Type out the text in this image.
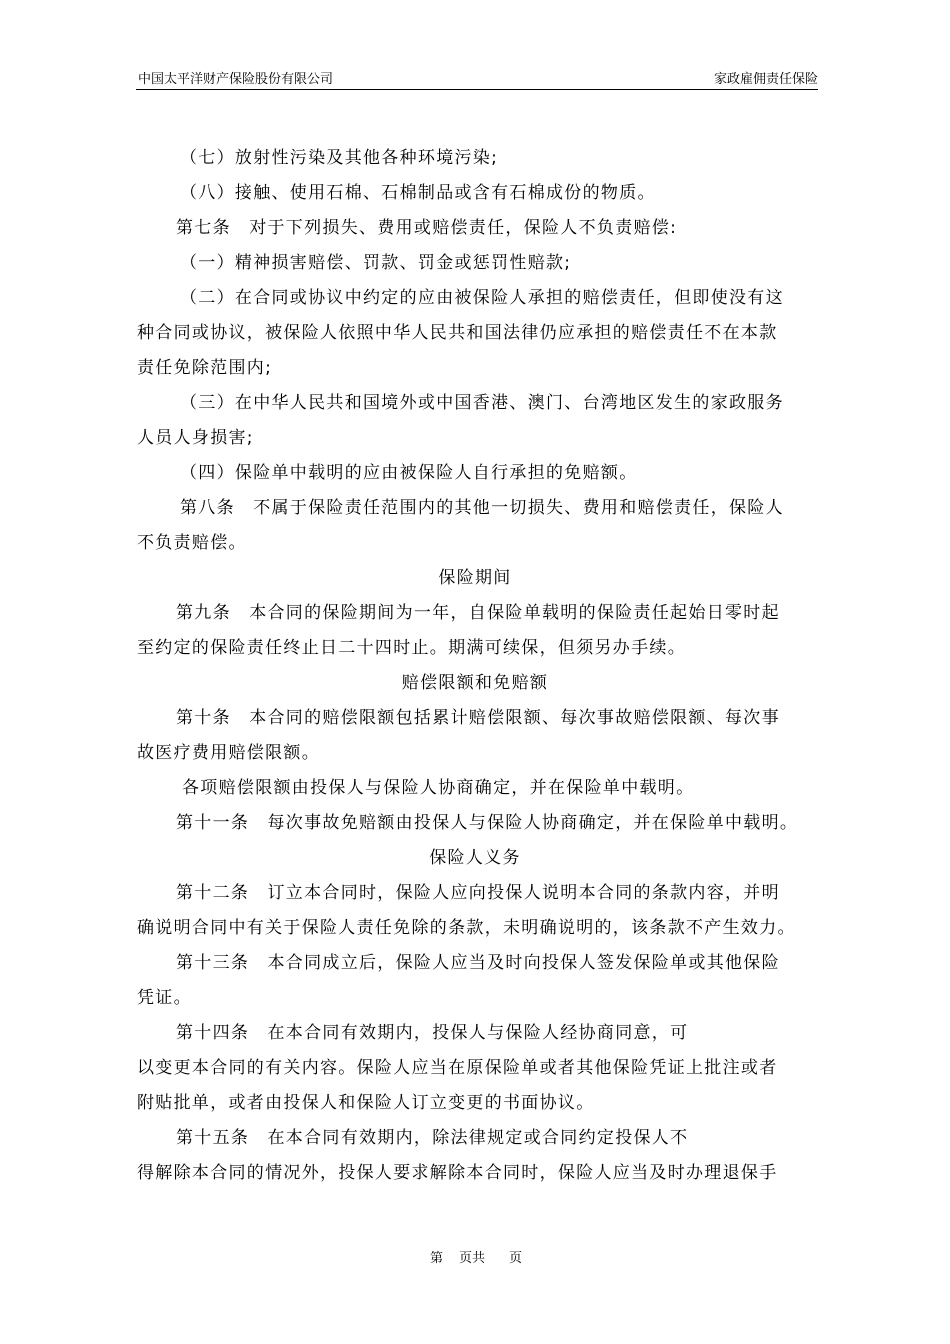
中国太平洋财产保险股份有限公司	家政雇佣责任保险
（七）放射性污染及其他各种环境污染;
（八）接触、使用石棉、石棉制品或含有石棉成份的物质。
第七条　对于下列损失、费用或赔偿责任，保险人不负责赔偿:
（一）精神损害赔偿、罚款、罚金或惩罚性赔款;
（二）在合同或协议中约定的应由被保险人承担的赔偿责任，但即使没有这
种合同或协议，被保险人依照中华人民共和国法律仍应承担的赔偿责任不在本款
责任免除范围内;
（三）在中华人民共和国境外或中国香港、澳门、台湾地区发生的家政服务
人员人身损害;
（四）保险单中载明的应由被保险人自行承担的免赔额。
第八条　不属于保险责任范围内的其他一切损失、费用和赔偿责任，保险人
不负责赔偿。
保险期间
第九条　本合同的保险期间为一年，自保险单载明的保险责任起始日零时起
至约定的保险责任终止日二十四时止。期满可续保，但须另办手续。
赔偿限额和免赔额
第十条　本合同的赔偿限额包括累计赔偿限额、每次事故赔偿限额、每次事
故医疗费用赔偿限额。
各项赔偿限额由投保人与保险人协商确定，并在保险单中载明。
第十一条　每次事故免赔额由投保人与保险人协商确定，并在保险单中载明。
保险人义务
第十二条　订立本合同时，保险人应向投保人说明本合同的条款内容，并明
确说明合同中有关于保险人责任免除的条款，未明确说明的，该条款不产生效力。
第十三条　本合同成立后，保险人应当及时向投保人签发保险单或其他保险
凭证。
第十四条　在本合同有效期内，投保人与保险人经协商同意，可
以变更本合同的有关内容。保险人应当在原保险单或者其他保险凭证上批注或者
附贴批单，或者由投保人和保险人订立变更的书面协议。
第十五条　在本合同有效期内，除法律规定或合同约定投保人不
得解除本合同的情况外，投保人要求解除本合同时，保险人应当及时办理退保手
第 页共 页
